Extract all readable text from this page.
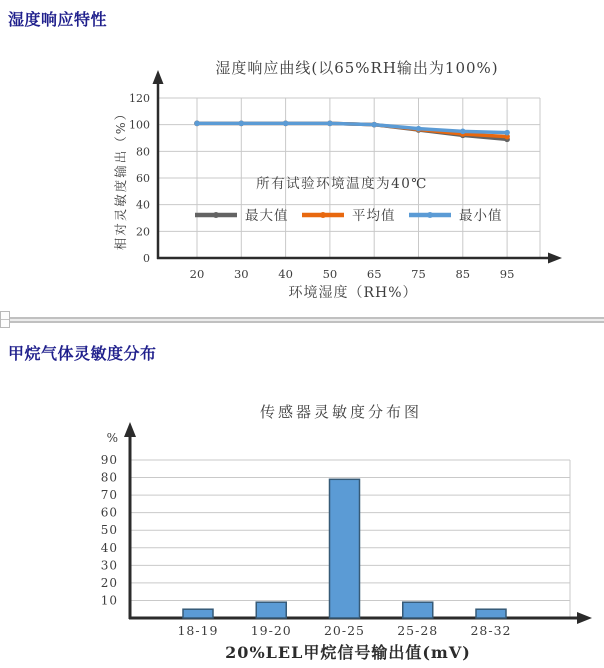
湿度响应特性
湿度响应曲线(以65%RH输出为100%)
0
20
40
60
80
100
120
20	30	40	50	65	75	85	95
环境湿度（RH%）
相对灵敏度输出（%）	所有试验环境温度为40℃
最大值	平均值	最小值
甲烷气体灵敏度分布
传感器灵敏度分布图
%
10
20
30
40
50
60
70
80
90
18-19	19-20	20-25	25-28	28-32
20%LEL甲烷信号输出值(mV)
